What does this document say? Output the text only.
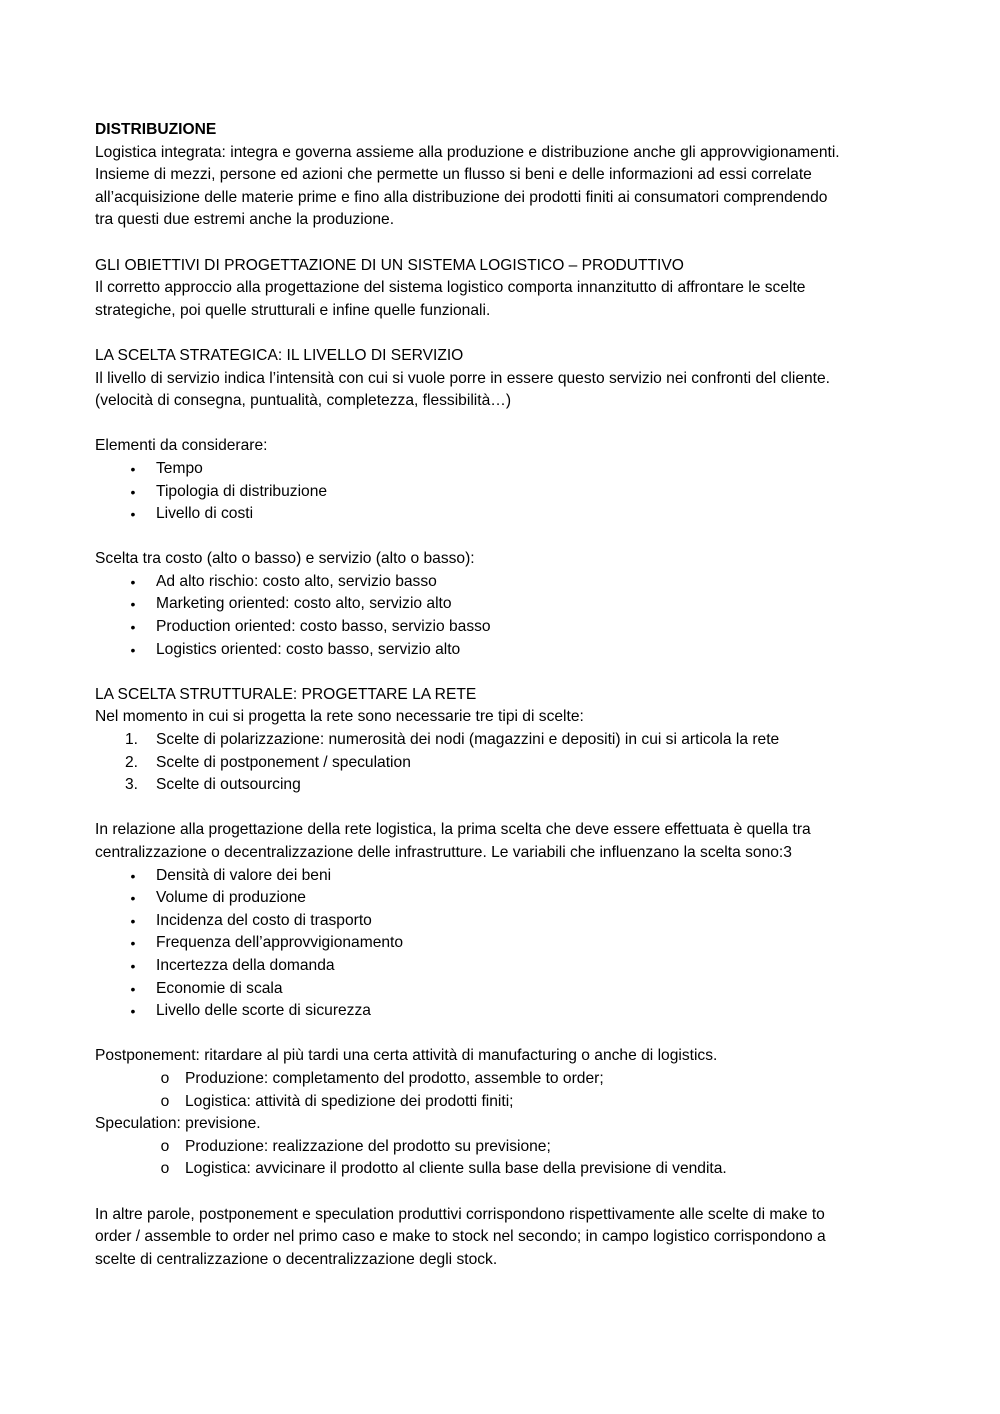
DISTRIBUZIONE

Logistica integrata: integra e governa assieme alla produzione e distribuzione anche gli approvvigionamenti.

Insieme di mezzi, persone ed azioni che permette un flusso si beni e delle informazioni ad essi correlate

all’acquisizione delle materie prime e fino alla distribuzione dei prodotti finiti ai consumatori comprendendo

tra questi due estremi anche la produzione.

GLI OBIETTIVI DI PROGETTAZIONE DI UN SISTEMA LOGISTICO – PRODUTTIVO

Il corretto approccio alla progettazione del sistema logistico comporta innanzitutto di affrontare le scelte

strategiche, poi quelle strutturali e infine quelle funzionali.

LA SCELTA STRATEGICA: IL LIVELLO DI SERVIZIO

Il livello di servizio indica l’intensità con cui si vuole porre in essere questo servizio nei confronti del cliente.

(velocità di consegna, puntualità, completezza, flessibilità…)

Elementi da considerare:

•	Tempo
•	Tipologia di distribuzione
•	Livello di costi

Scelta tra costo (alto o basso) e servizio (alto o basso):

•	Ad alto rischio: costo alto, servizio basso
•	Marketing oriented: costo alto, servizio alto
•	Production oriented: costo basso, servizio basso
•	Logistics oriented: costo basso, servizio alto

LA SCELTA STRUTTURALE: PROGETTARE LA RETE

Nel momento in cui si progetta la rete sono necessarie tre tipi di scelte:

1.	Scelte di polarizzazione: numerosità dei nodi (magazzini e depositi) in cui si articola la rete
2.	Scelte di postponement / speculation
3.	Scelte di outsourcing

In relazione alla progettazione della rete logistica, la prima scelta che deve essere effettuata è quella tra

centralizzazione o decentralizzazione delle infrastrutture. Le variabili che influenzano la scelta sono:3

•	Densità di valore dei beni
•	Volume di produzione
•	Incidenza del costo di trasporto
•	Frequenza dell’approvvigionamento
•	Incertezza della domanda
•	Economie di scala
•	Livello delle scorte di sicurezza

Postponement: ritardare al più tardi una certa attività di manufacturing o anche di logistics.

o	Produzione: completamento del prodotto, assemble to order;
o	Logistica: attività di spedizione dei prodotti finiti;

Speculation: previsione.

o	Produzione: realizzazione del prodotto su previsione;
o	Logistica: avvicinare il prodotto al cliente sulla base della previsione di vendita.

In altre parole, postponement e speculation produttivi corrispondono rispettivamente alle scelte di make to

order / assemble to order nel primo caso e make to stock nel secondo; in campo logistico corrispondono a

scelte di centralizzazione o decentralizzazione degli stock.
